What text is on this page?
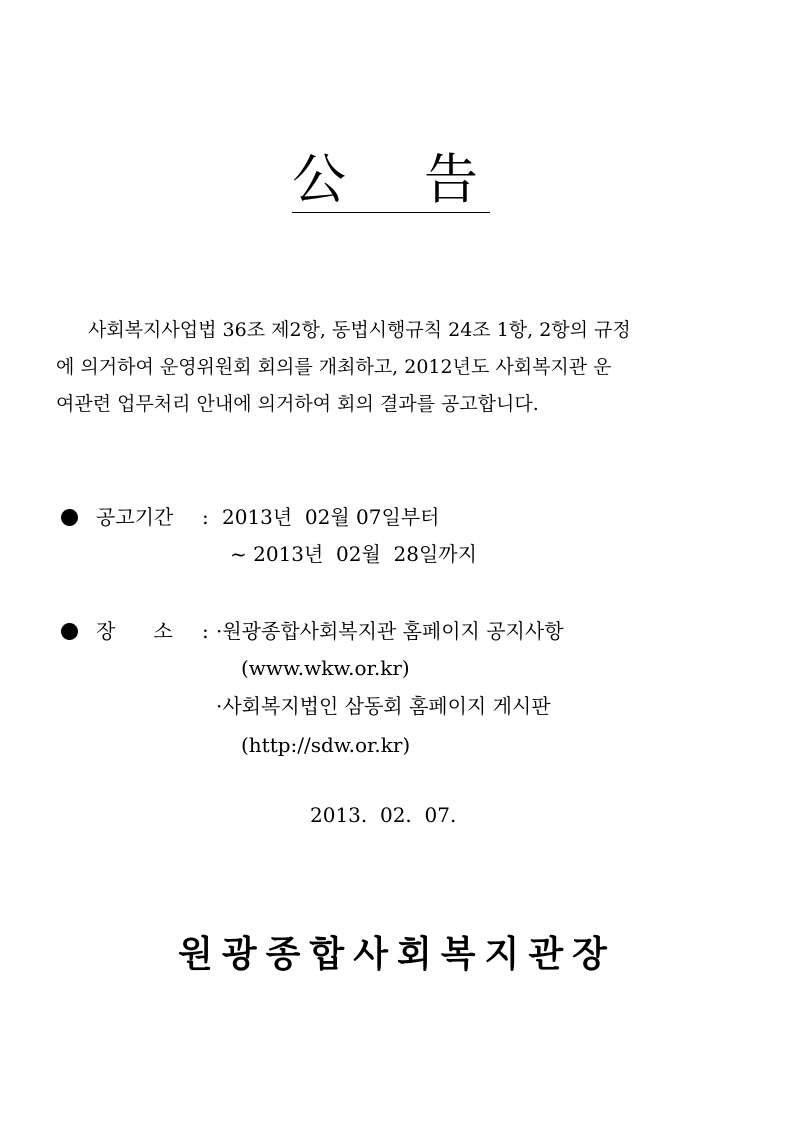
公 告

사회복지사업법 36조 제2항, 동법시행규칙 24조 1항, 2항의 규정

에 의거하여 운영위원회 회의를 개최하고, 2012년도 사회복지관 운

여관련 업무처리 안내에 의거하여 회의 결과를 공고합니다.

공고기간 : 2013년  02월 07일부터
~ 2013년  02월  28일까지
장      소 : ·원광종합사회복지관 홈페이지 공지사항
(www.wkw.or.kr)
·사회복지법인 삼동회 홈페이지 게시판
(http://sdw.or.kr)
2013.  02.  07.
원광종합사회복지관장
